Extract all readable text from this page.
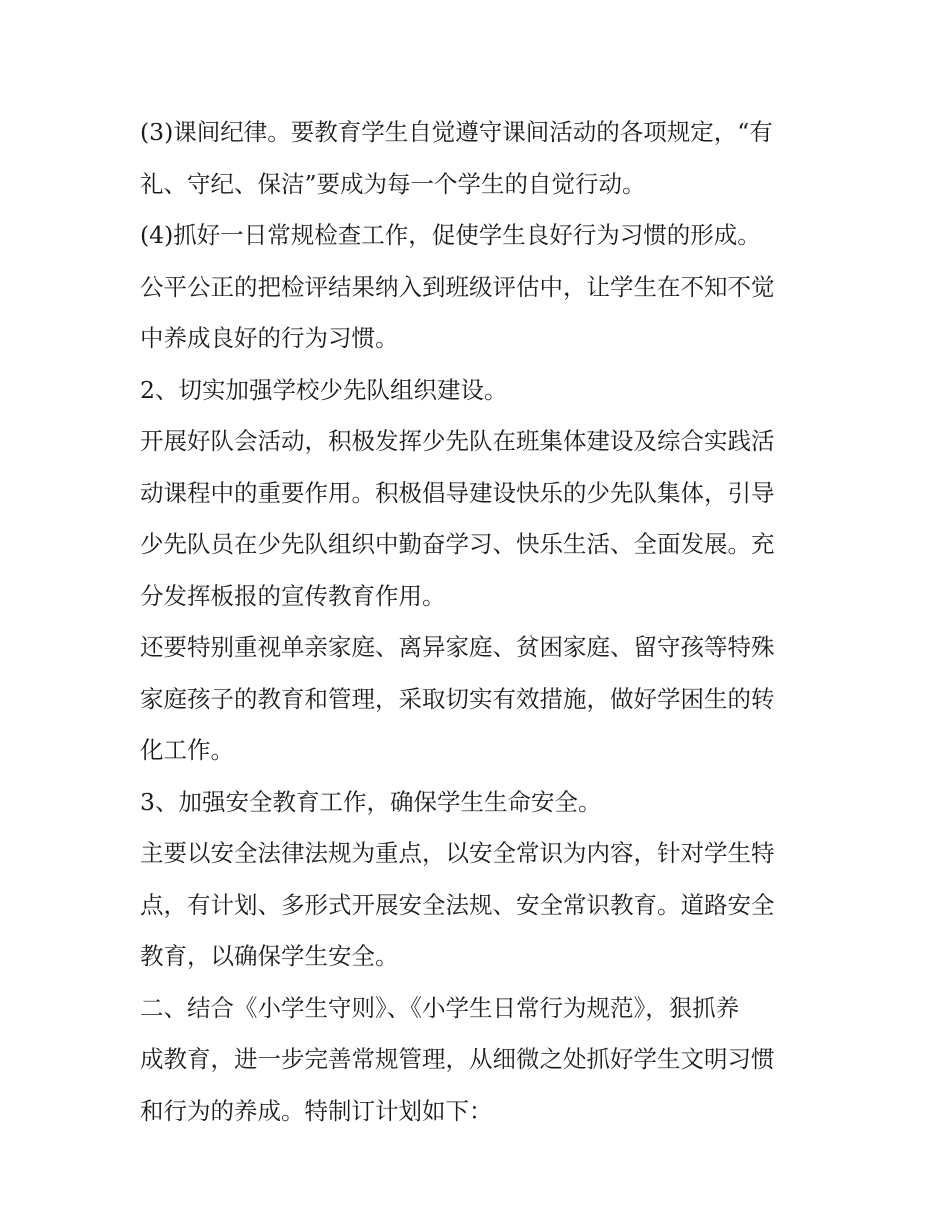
(3)课间纪律。要教育学生自觉遵守课间活动的各项规定，“有

礼、守纪、保洁”要成为每一个学生的自觉行动。

(4)抓好一日常规检查工作，促使学生良好行为习惯的形成。

公平公正的把检评结果纳入到班级评估中，让学生在不知不觉

中养成良好的行为习惯。

2、切实加强学校少先队组织建设。

开展好队会活动，积极发挥少先队在班集体建设及综合实践活

动课程中的重要作用。积极倡导建设快乐的少先队集体，引导

少先队员在少先队组织中勤奋学习、快乐生活、全面发展。充

分发挥板报的宣传教育作用。

还要特别重视单亲家庭、离异家庭、贫困家庭、留守孩等特殊

家庭孩子的教育和管理，采取切实有效措施，做好学困生的转

化工作。

3、加强安全教育工作，确保学生生命安全。

主要以安全法律法规为重点，以安全常识为内容，针对学生特

点，有计划、多形式开展安全法规、安全常识教育。道路安全

教育，以确保学生安全。

二、结合《小学生守则》、《小学生日常行为规范》，狠抓养

成教育，进一步完善常规管理，从细微之处抓好学生文明习惯

和行为的养成。特制订计划如下：
